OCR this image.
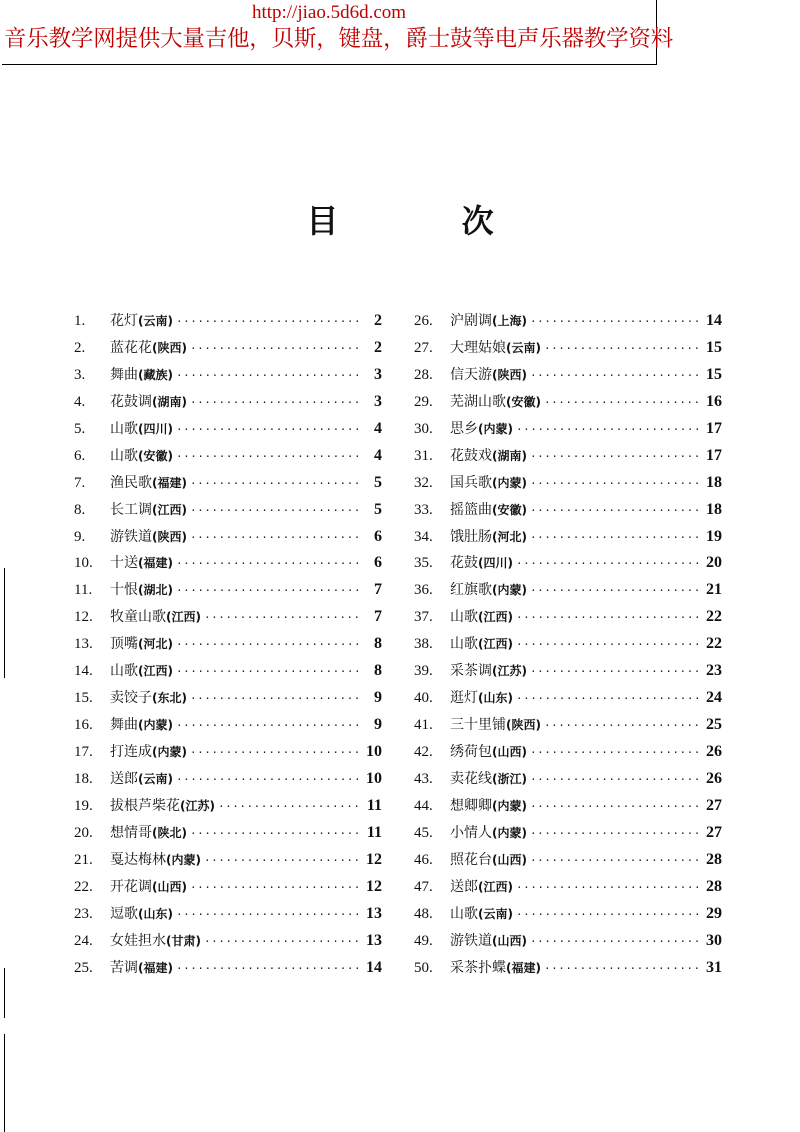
http://jiao.5d6d.com
音乐教学网提供大量吉他，贝斯，键盘，爵士鼓等电声乐器教学资料
目 次
1.	花灯 (云南) ·····	2
2.	蓝花花 (陕西) ·····	2
3.	舞曲 (藏族) ·····	3
4.	花鼓调 (湖南) ·····	3
5.	山歌 (四川) ·····	4
6.	山歌 (安徽) ·····	4
7.	渔民歌 (福建) ·····	5
8.	长工调 (江西) ·····	5
9.	游铁道 (陕西) ·····	6
10.	十送 (福建) ·····	6
11.	十恨 (湖北) ·····	7
12.	牧童山歌 (江西) ·····	7
13.	顶嘴 (河北) ·····	8
14.	山歌 (江西) ·····	8
15.	卖饺子 (东北) ·····	9
16.	舞曲 (内蒙) ·····	9
17.	打连成 (内蒙) ·····	10
18.	送郎 (云南) ·····	10
19.	拔根芦柴花 (江苏) ·····	11
20.	想情哥 (陕北) ·····	11
21.	戛达梅林 (内蒙) ·····	12
22.	开花调 (山西) ·····	12
23.	逗歌 (山东) ·····	13
24.	女娃担水 (甘肃) ·····	13
25.	苦调 (福建) ·····	14
26.	沪剧调 (上海) ·····	14
27.	大理姑娘 (云南) ·····	15
28.	信天游 (陕西) ·····	15
29.	芜湖山歌 (安徽) ·····	16
30.	思乡 (内蒙) ·····	17
31.	花鼓戏 (湖南) ·····	17
32.	国兵歌 (内蒙) ·····	18
33.	摇篮曲 (安徽) ·····	18
34.	饿肚肠 (河北) ·····	19
35.	花鼓 (四川) ·····	20
36.	红旗歌 (内蒙) ·····	21
37.	山歌 (江西) ·····	22
38.	山歌 (江西) ·····	22
39.	采茶调 (江苏) ·····	23
40.	逛灯 (山东) ·····	24
41.	三十里铺 (陕西) ·····	25
42.	绣荷包 (山西) ·····	26
43.	卖花线 (浙江) ·····	26
44.	想卿卿 (内蒙) ·····	27
45.	小情人 (内蒙) ·····	27
46.	照花台 (山西) ·····	28
47.	送郎 (江西) ·····	28
48.	山歌 (云南) ·····	29
49.	游铁道 (山西) ·····	30
50.	采茶扑蝶 (福建) ·····	31
